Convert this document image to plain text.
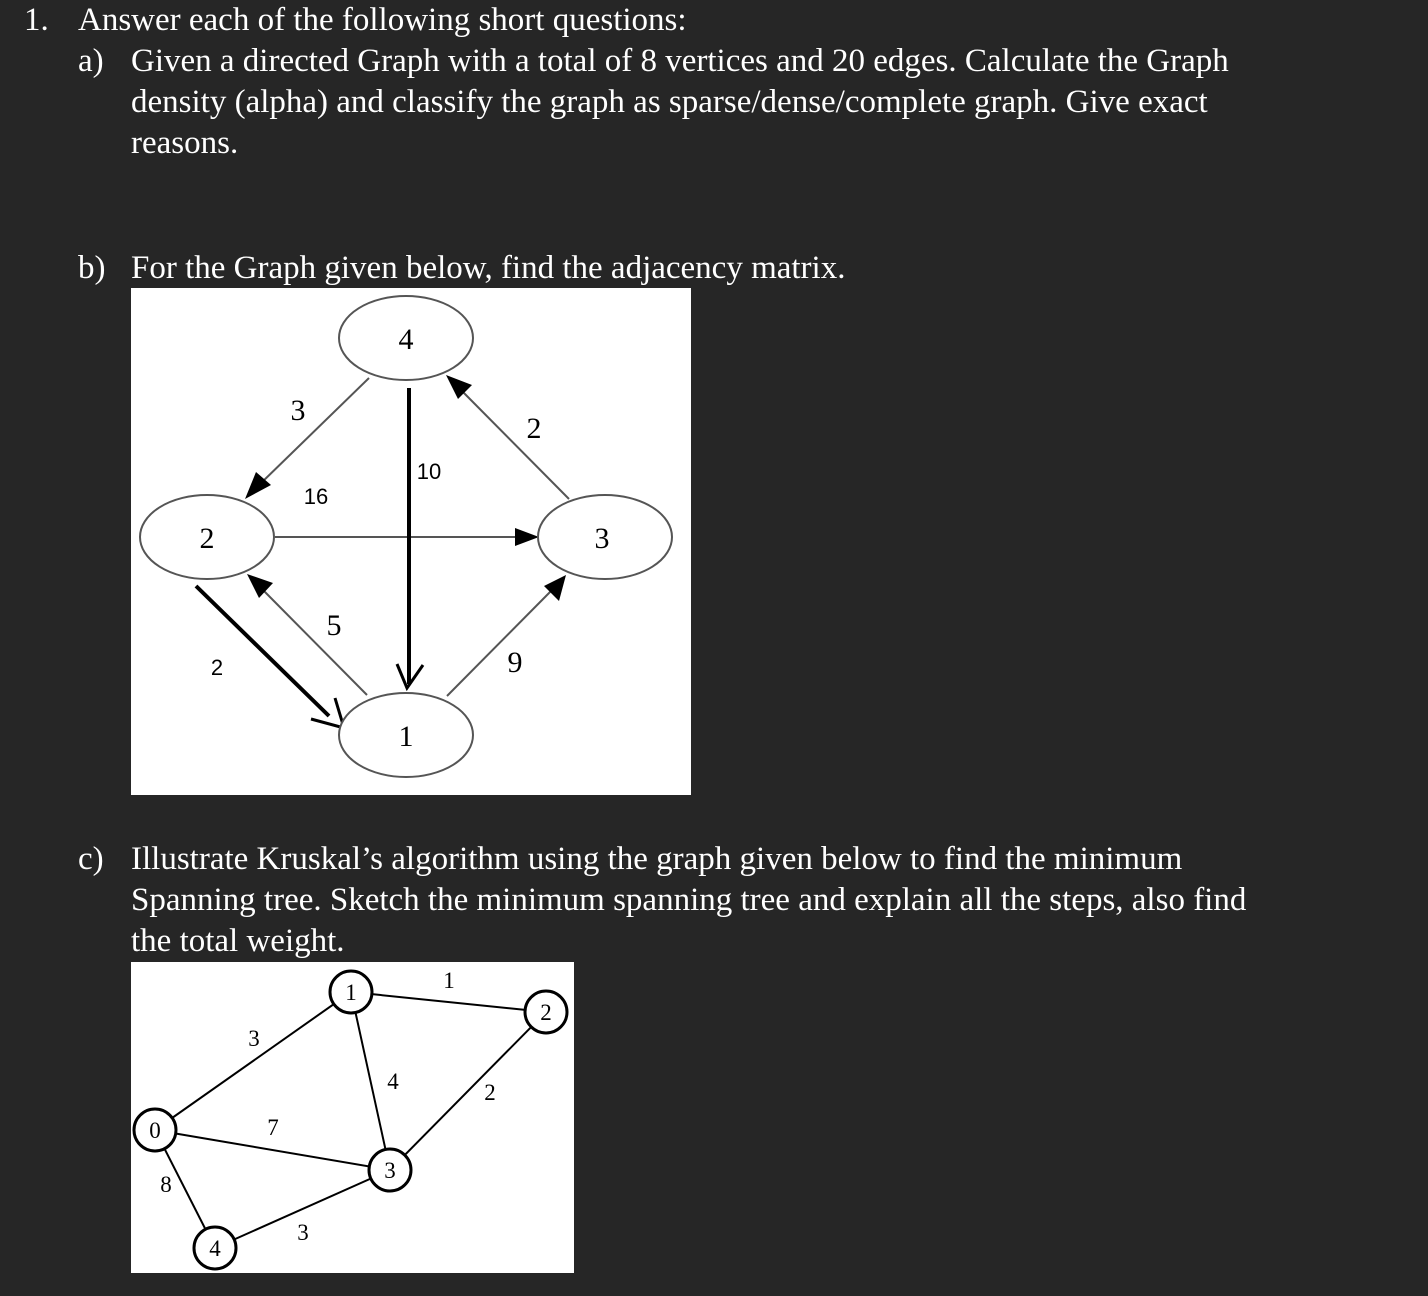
1. Answer each of the following short questions:
a) Given a directed Graph with a total of 8 vertices and 20 edges. Calculate the Graph
density (alpha) and classify the graph as sparse/dense/complete graph. Give exact
reasons.
b) For the Graph given below, find the adjacency matrix.
4
2	3
1
3
2
16
10
5
2	9
c) Illustrate Kruskal’s algorithm using the graph given below to find the minimum
Spanning tree. Sketch the minimum spanning tree and explain all the steps, also find
the total weight.
0
1
2
3
4
3
1
4	2
7
8
3
